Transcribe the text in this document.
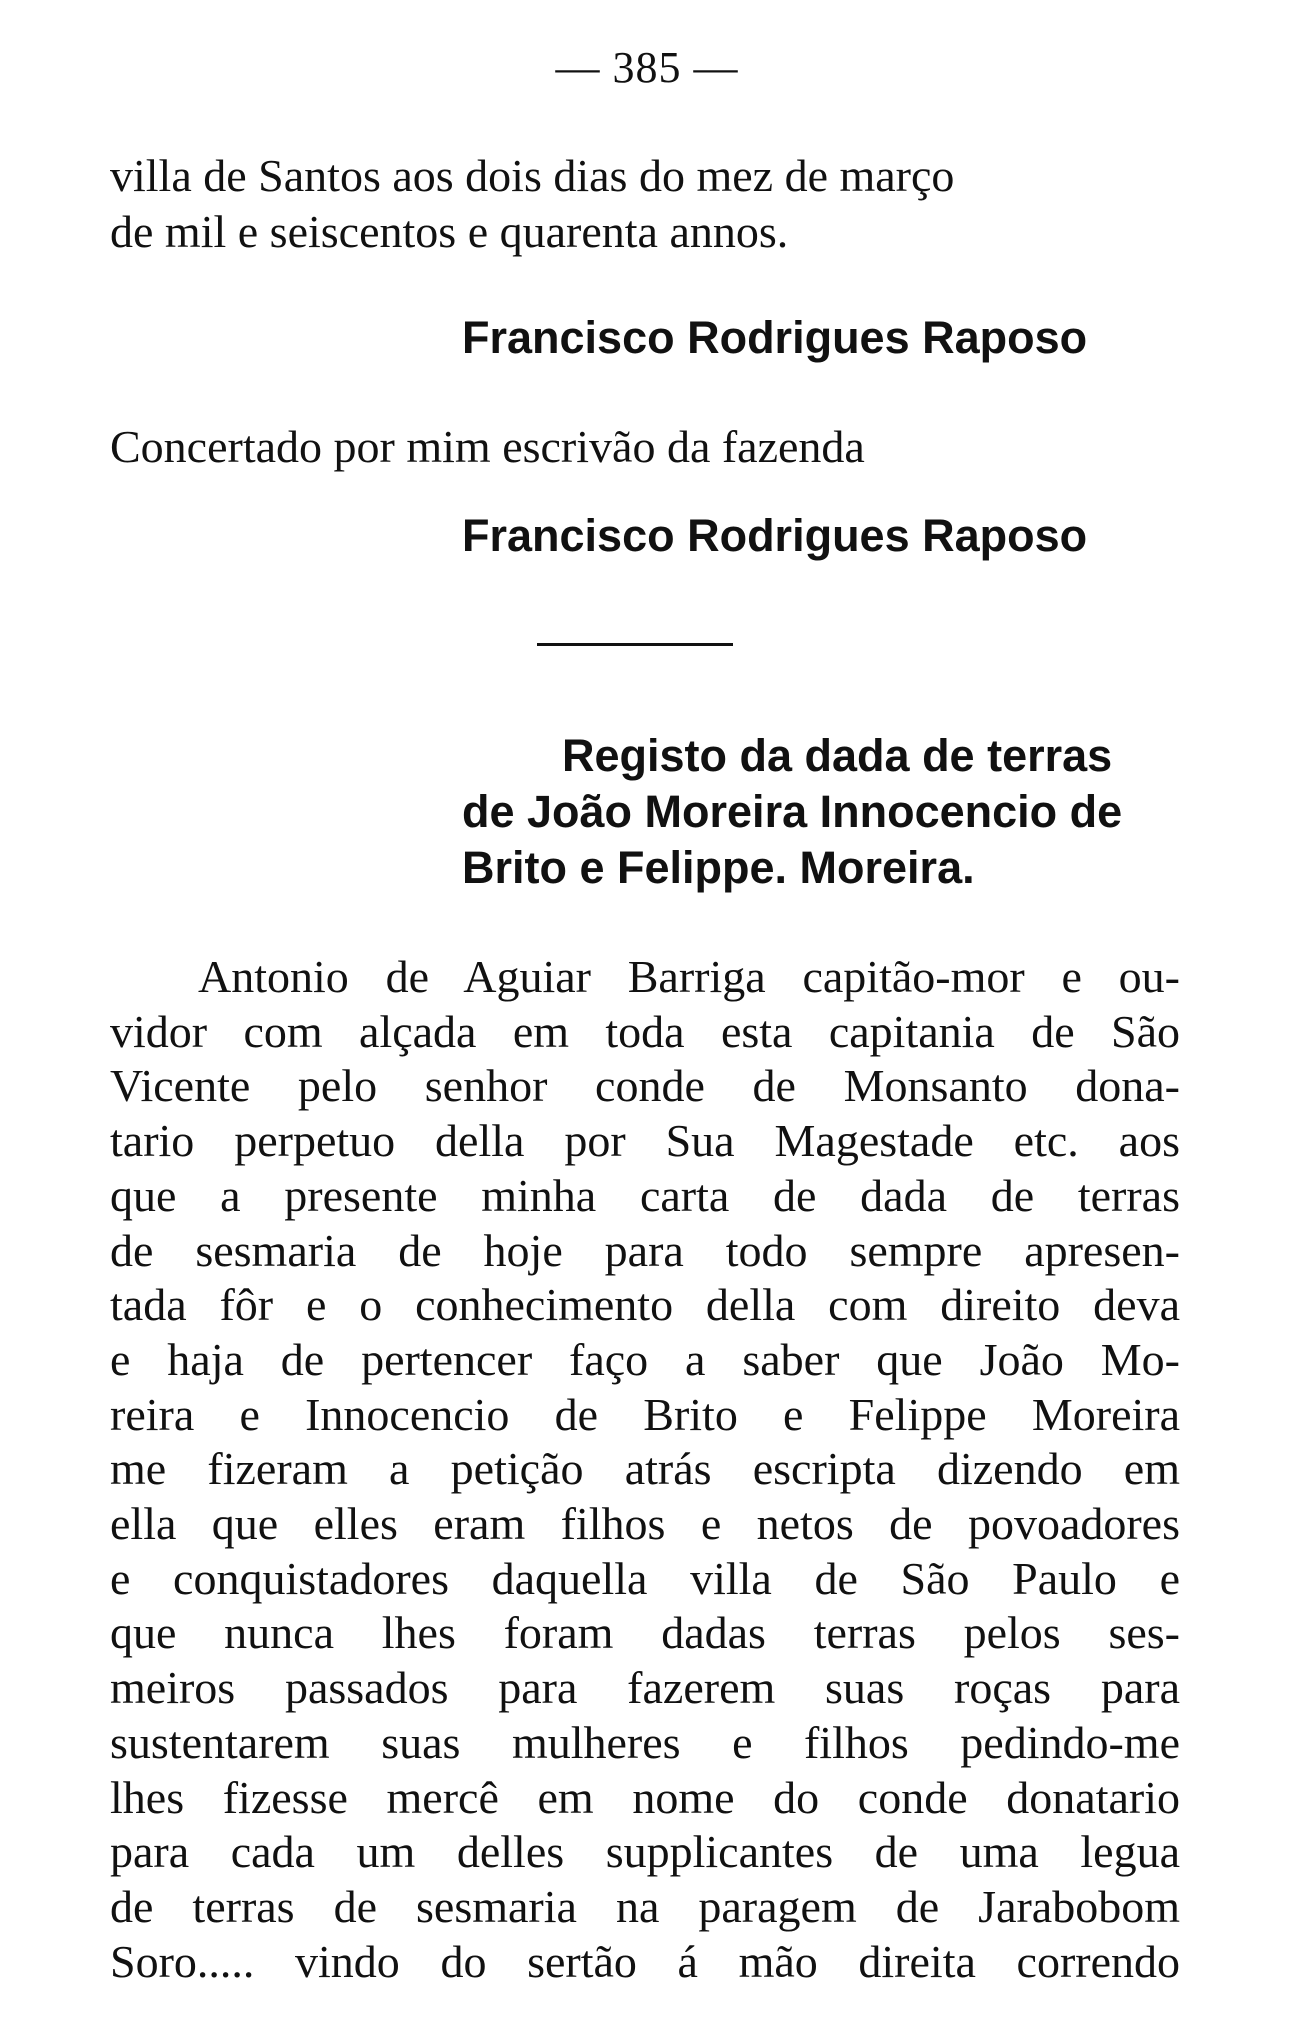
— 385 —
villa de Santos aos dois dias do mez de março
de mil e seiscentos e quarenta annos.
Francisco Rodrigues Raposo
Concertado por mim escrivão da fazenda
Francisco Rodrigues Raposo
Registo da dada de terras
de João Moreira Innocencio de
Brito e Felippe. Moreira.
Antonio de Aguiar Barriga capitão-mor e ou-
vidor com alçada em toda esta capitania de São
Vicente pelo senhor conde de Monsanto dona-
tario perpetuo della por Sua Magestade etc. aos
que a presente minha carta de dada de terras
de sesmaria de hoje para todo sempre apresen-
tada fôr e o conhecimento della com direito deva
e haja de pertencer faço a saber que João Mo-
reira e Innocencio de Brito e Felippe Moreira
me fizeram a petição atrás escripta dizendo em
ella que elles eram filhos e netos de povoadores
e conquistadores daquella villa de São Paulo e
que nunca lhes foram dadas terras pelos ses-
meiros passados para fazerem suas roças para
sustentarem suas mulheres e filhos pedindo-me
lhes fizesse mercê em nome do conde donatario
para cada um delles supplicantes de uma legua
de terras de sesmaria na paragem de Jarabobom
Soro..... vindo do sertão á mão direita correndo
